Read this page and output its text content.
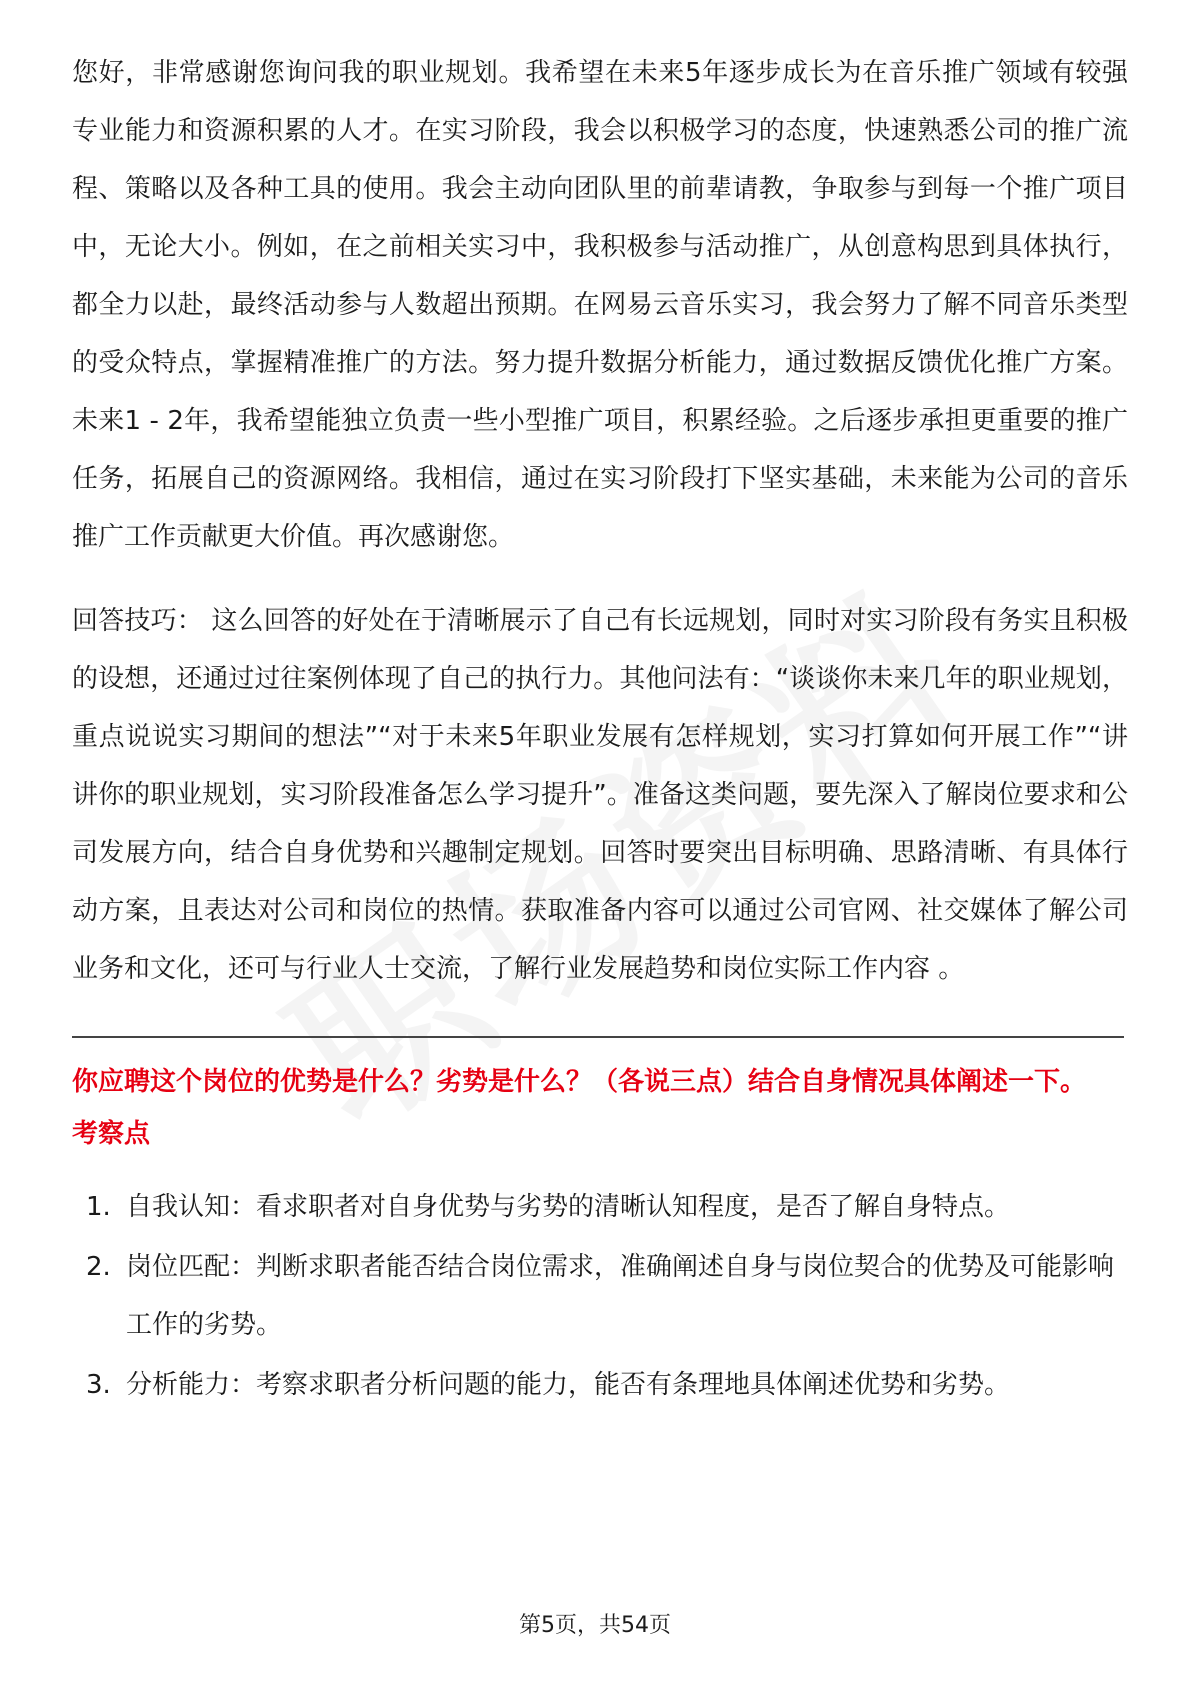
您好，非常感谢您询问我的职业规划。我希望在未来5年逐步成长为在音乐推广领域有较强专业能力和资源积累的人才。在实习阶段，我会以积极学习的态度，快速熟悉公司的推广流程、策略以及各种工具的使用。我会主动向团队里的前辈请教，争取参与到每一个推广项目中，无论大小。例如，在之前相关实习中，我积极参与活动推广，从创意构思到具体执行，都全力以赴，最终活动参与人数超出预期。在网易云音乐实习，我会努力了解不同音乐类型的受众特点，掌握精准推广的方法。努力提升数据分析能力，通过数据反馈优化推广方案。未来1 - 2年，我希望能独立负责一些小型推广项目，积累经验。之后逐步承担更重要的推广任务，拓展自己的资源网络。我相信，通过在实习阶段打下坚实基础，未来能为公司的音乐推广工作贡献更大价值。再次感谢您。

回答技巧： 这么回答的好处在于清晰展示了自己有长远规划，同时对实习阶段有务实且积极的设想，还通过过往案例体现了自己的执行力。其他问法有：“谈谈你未来几年的职业规划，重点说说实习期间的想法”“对于未来5年职业发展有怎样规划，实习打算如何开展工作”“讲讲你的职业规划，实习阶段准备怎么学习提升”。准备这类问题，要先深入了解岗位要求和公司发展方向，结合自身优势和兴趣制定规划。回答时要突出目标明确、思路清晰、有具体行动方案，且表达对公司和岗位的热情。获取准备内容可以通过公司官网、社交媒体了解公司业务和文化，还可与行业人士交流，了解行业发展趋势和岗位实际工作内容 。

你应聘这个岗位的优势是什么？劣势是什么？（各说三点）结合自身情况具体阐述一下。
考察点
1. 自我认知：看求职者对自身优势与劣势的清晰认知程度，是否了解自身特点。
2. 岗位匹配：判断求职者能否结合岗位需求，准确阐述自身与岗位契合的优势及可能影响工作的劣势。
3. 分析能力：考察求职者分析问题的能力，能否有条理地具体阐述优势和劣势。
第5页，共54页
